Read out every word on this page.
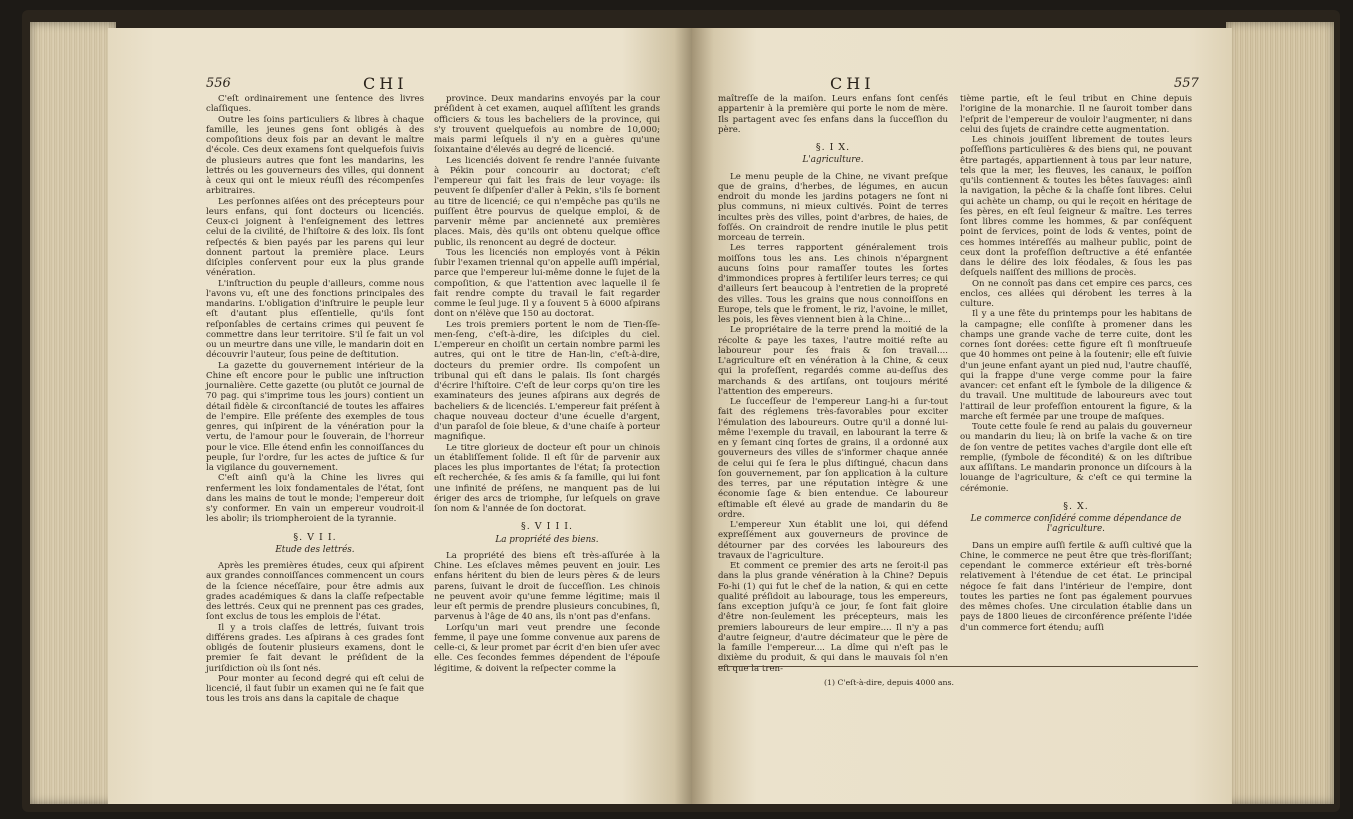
556	CHI

C'eſt ordinairement une ſentence des livres claſſiques.

Outre les ſoins particuliers & libres à chaque famille, les jeunes gens ſont obligés à des compoſitions deux fois par an devant le maître d'école. Ces deux examens ſont quelquefois ſuivis de plusieurs autres que font les mandarins, les lettrés ou les gouverneurs des villes, qui donnent à ceux qui ont le mieux réuſſi des récompenſes arbitraires.

Les perſonnes aiſées ont des précepteurs pour leurs enfans, qui ſont docteurs ou licenciés. Ceux-ci joignent à l'enſeignement des lettres celui de la civilité, de l'hiſtoire & des loix. Ils ſont reſpectés & bien payés par les parens qui leur donnent partout la première place. Leurs diſciples conſervent pour eux la plus grande vénération.

L'inſtruction du peuple d'ailleurs, comme nous l'avons vu, eſt une des fonctions principales des mandarins. L'obligation d'inſtruire le peuple leur eſt d'autant plus eſſentielle, qu'ils ſont reſponſables de certains crimes qui peuvent ſe commettre dans leur territoire. S'il ſe fait un vol ou un meurtre dans une ville, le mandarin doit en découvrir l'auteur, ſous peine de deſtitution.

La gazette du gouvernement intérieur de la Chine eſt encore pour le public une inſtruction journalière. Cette gazette (ou plutôt ce journal de 70 pag. qui s'imprime tous les jours) contient un détail fidèle & circonſtancié de toutes les affaires de l'empire. Elle préſente des exemples de tous genres, qui inſpirent de la vénération pour la vertu, de l'amour pour le ſouverain, de l'horreur pour le vice. Elle étend enfin les connoiſſances du peuple, ſur l'ordre, ſur les actes de juſtice & ſur la vigilance du gouvernement.

C'eſt ainſi qu'à la Chine les livres qui renferment les loix fondamentales de l'état, ſont dans les mains de tout le monde; l'empereur doit s'y conformer. En vain un empereur voudroit-il les abolir; ils triompheroient de la tyrannie.

§. V I I.
Etude des lettrés.

Après les premières études, ceux qui aſpirent aux grandes connoiſſances commencent un cours de la ſcience néceſſaire, pour être admis aux grades académiques & dans la claſſe reſpectable des lettrés. Ceux qui ne prennent pas ces grades, ſont exclus de tous les emplois de l'état.

Il y a trois claſſes de lettrés, ſuivant trois différens grades. Les aſpirans à ces grades ſont obligés de ſoutenir plusieurs examens, dont le premier ſe fait devant le préſident de la juriſdiction où ils ſont nés.

Pour monter au ſecond degré qui eſt celui de licencié, il faut ſubir un examen qui ne ſe fait que tous les trois ans dans la capitale de chaque

province. Deux mandarins envoyés par la cour préſident à cet examen, auquel aſſiſtent les grands officiers & tous les bacheliers de la province, qui s'y trouvent quelquefois au nombre de 10,000; mais parmi leſquels il n'y en a guères qu'une ſoixantaine d'élevés au degré de licencié.

Les licenciés doivent ſe rendre l'année ſuivante à Pékin pour concourir au doctorat; c'eſt l'empereur qui fait les frais de leur voyage: ils peuvent ſe diſpenſer d'aller à Pekin, s'ils ſe bornent au titre de licencié; ce qui n'empêche pas qu'ils ne puiſſent être pourvus de quelque emploi, & de parvenir même par ancienneté aux premières places. Mais, dès qu'ils ont obtenu quelque office public, ils renoncent au degré de docteur.

Tous les licenciés non employés vont à Pékin ſubir l'examen triennal qu'on appelle auſſi impérial, parce que l'empereur lui-même donne le ſujet de la compoſition, & que l'attention avec laquelle il ſe fait rendre compte du travail le fait regarder comme le ſeul juge. Il y a ſouvent 5 à 6000 aſpirans dont on n'élève que 150 au doctorat.

Les trois premiers portent le nom de Tien-ſſe-men-ſeng, c'eſt-à-dire, les diſciples du ciel. L'empereur en choiſit un certain nombre parmi les autres, qui ont le titre de Han-lin, c'eſt-à-dire, docteurs du premier ordre. Ils compoſent un tribunal qui eſt dans le palais. Ils ſont chargés d'écrire l'hiſtoire. C'eſt de leur corps qu'on tire les examinateurs des jeunes aſpirans aux degrés de bacheliers & de licenciés. L'empereur fait préſent à chaque nouveau docteur d'une écuelle d'argent, d'un paraſol de ſoie bleue, & d'une chaiſe à porteur magnifique.

Le titre glorieux de docteur eſt pour un chinois un établiſſement ſolide. Il eſt ſûr de parvenir aux places les plus importantes de l'état; ſa protection eſt recherchée, & ſes amis & ſa famille, qui lui font une infinité de préſens, ne manquent pas de lui ériger des arcs de triomphe, ſur leſquels on grave ſon nom & l'année de ſon doctorat.

§. V I I I.
La propriété des biens.

La propriété des biens eſt très-aſſurée à la Chine. Les eſclaves mêmes peuvent en jouir. Les enfans héritent du bien de leurs pères & de leurs parens, ſuivant le droit de ſucceſſion. Les chinois ne peuvent avoir qu'une femme légitime; mais il leur eſt permis de prendre plusieurs concubines, ſi, parvenus à l'âge de 40 ans, ils n'ont pas d'enfans.

Lorſqu'un mari veut prendre une ſeconde femme, il paye une ſomme convenue aux parens de celle-ci, & leur promet par écrit d'en bien uſer avec elle. Ces ſecondes femmes dépendent de l'épouſe légitime, & doivent la reſpecter comme la

CHI	557

maîtreſſe de la maiſon. Leurs enfans ſont cenſés appartenir à la première qui porte le nom de mère. Ils partagent avec ſes enfans dans la ſucceſſion du père.

§. I X.
L'agriculture.

Le menu peuple de la Chine, ne vivant preſque que de grains, d'herbes, de légumes, en aucun endroit du monde les jardins potagers ne ſont ni plus communs, ni mieux cultivés. Point de terres incultes près des villes, point d'arbres, de haies, de foſſés. On craindroit de rendre inutile le plus petit morceau de terrein.

Les terres rapportent généralement trois moiſſons tous les ans. Les chinois n'épargnent aucuns ſoins pour ramaſſer toutes les ſortes d'immondices propres à fertiliſer leurs terres; ce qui d'ailleurs ſert beaucoup à l'entretien de la propreté des villes. Tous les grains que nous connoiſſons en Europe, tels que le froment, le riz, l'avoine, le millet, les pois, les fèves viennent bien à la Chine...

Le propriétaire de la terre prend la moitié de la récolte & paye les taxes, l'autre moitié reſte au laboureur pour ſes frais & ſon travail.... L'agriculture eſt en vénération à la Chine, & ceux qui la profeſſent, regardés comme au-deſſus des marchands & des artiſans, ont toujours mérité l'attention des empereurs.

Le ſucceſſeur de l'empereur Lang-hi a ſur-tout fait des réglemens très-favorables pour exciter l'émulation des laboureurs. Outre qu'il a donné lui-même l'exemple du travail, en labourant la terre & en y ſemant cinq ſortes de grains, il a ordonné aux gouverneurs des villes de s'informer chaque année de celui qui ſe ſera le plus diſtingué, chacun dans ſon gouvernement, par ſon application à la culture des terres, par une réputation intègre & une économie ſage & bien entendue. Ce laboureur eſtimable eſt élevé au grade de mandarin du 8e ordre.

L'empereur Xun établit une loi, qui défend expreſſément aux gouverneurs de province de détourner par des corvées les laboureurs des travaux de l'agriculture.

Et comment ce premier des arts ne ſeroit-il pas dans la plus grande vénération à la Chine? Depuis Fo-hi (1) qui fut le chef de la nation, & qui en cette qualité préſidoit au labourage, tous les empereurs, ſans exception juſqu'à ce jour, ſe ſont fait gloire d'être non-ſeulement les précepteurs, mais les premiers laboureurs de leur empire.... Il n'y a pas d'autre ſeigneur, d'autre décimateur que le père de la famille l'empereur.... La dîme qui n'eſt pas le dixième du produit, & qui dans le mauvais ſol n'en eſt que la tren-

tième partie, eſt le ſeul tribut en Chine depuis l'origine de la monarchie. Il ne ſauroit tomber dans l'eſprit de l'empereur de vouloir l'augmenter, ni dans celui des ſujets de craindre cette augmentation.

Les chinois jouiſſent librement de toutes leurs poſſeſſions particulières & des biens qui, ne pouvant être partagés, appartiennent à tous par leur nature, tels que la mer, les fleuves, les canaux, le poiſſon qu'ils contiennent & toutes les bêtes ſauvages: ainſi la navigation, la pêche & la chaſſe ſont libres. Celui qui achète un champ, ou qui le reçoit en héritage de ſes pères, en eſt ſeul ſeigneur & maître. Les terres ſont libres comme les hommes, & par conſéquent point de ſervices, point de lods & ventes, point de ces hommes intéreſſés au malheur public, point de ceux dont la profeſſion deſtructive a été enfantée dans le délire des loix féodales, & ſous les pas deſquels naiſſent des millions de procès.

On ne connoît pas dans cet empire ces parcs, ces enclos, ces allées qui dérobent les terres à la culture.

Il y a une fête du printemps pour les habitans de la campagne; elle conſiſte à promener dans les champs une grande vache de terre cuite, dont les cornes ſont dorées: cette figure eſt ſi monſtrueuſe que 40 hommes ont peine à la ſoutenir; elle eſt ſuivie d'un jeune enfant ayant un pied nud, l'autre chauſſé, qui la frappe d'une verge comme pour la faire avancer: cet enfant eſt le ſymbole de la diligence & du travail. Une multitude de laboureurs avec tout l'attirail de leur profeſſion entourent la figure, & la marche eſt fermée par une troupe de maſques.

Toute cette foule ſe rend au palais du gouverneur ou mandarin du lieu; là on briſe la vache & on tire de ſon ventre de petites vaches d'argile dont elle eſt remplie, (ſymbole de fécondité) & on les diſtribue aux aſſiſtans. Le mandarin prononce un diſcours à la louange de l'agriculture, & c'eſt ce qui termine la cérémonie.

§. X.
Le commerce conſidéré comme dépendance de l'agriculture.

Dans un empire auſſi fertile & auſſi cultivé que la Chine, le commerce ne peut être que très-floriſſant; cependant le commerce extérieur eſt très-borné relativement à l'étendue de cet état. Le principal négoce ſe fait dans l'intérieur de l'empire, dont toutes les parties ne ſont pas également pourvues des mêmes choſes. Une circulation établie dans un pays de 1800 lieues de circonférence préſente l'idée d'un commerce fort étendu; auſſi

(1) C'eſt-à-dire, depuis 4000 ans.
